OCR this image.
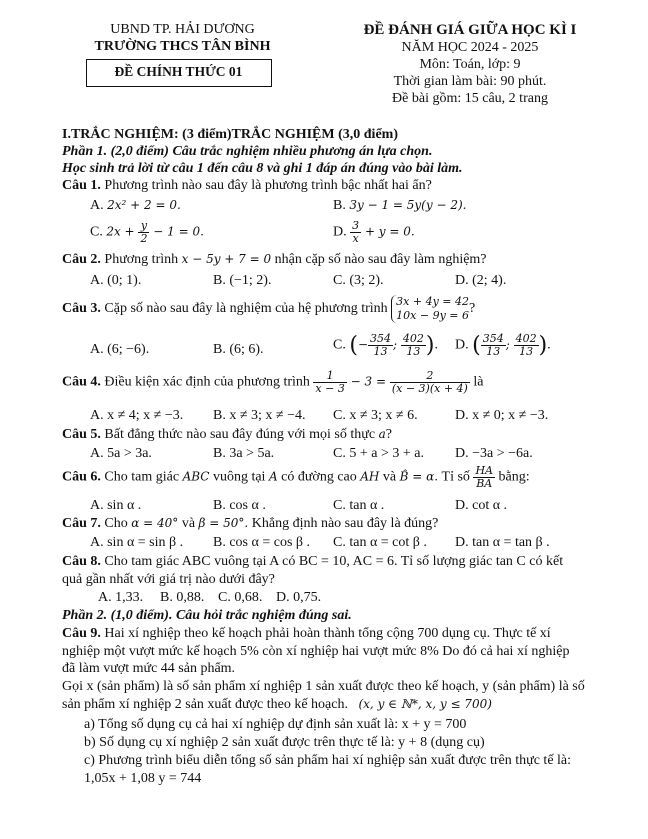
UBND TP. HẢI DƯƠNG
TRƯỜNG THCS TÂN BÌNH
ĐỀ CHÍNH THỨC 01
ĐỀ ĐÁNH GIÁ GIỮA HỌC KÌ I
NĂM HỌC 2024 - 2025
Môn: Toán, lớp: 9
Thời gian làm bài: 90 phút.
Đề bài gồm: 15 câu, 2 trang
I.TRẮC NGHIỆM: (3 điểm)TRẮC NGHIỆM (3,0 điểm)
Phần 1. (2,0 điểm) Câu trắc nghiệm nhiều phương án lựa chọn.
Học sinh trả lời từ câu 1 đến câu 8 và ghi 1 đáp án đúng vào bài làm.
Câu 1. Phương trình nào sau đây là phương trình bậc nhất hai ẩn?
A. 2x² + 2 = 0.	B. 3y − 1 = 5y(y − 2).
C. $2x + \frac{y}{2} - 1 = 0$.	D. $\frac{3}{x} + y = 0$.
Câu 2. Phương trình x − 5y + 7 = 0 nhận cặp số nào sau đây làm nghiệm?
A. (0; 1).	B. (−1; 2).	C. (3; 2).	D. (2; 4).
Câu 3. Cặp số nào sau đây là nghiệm của hệ phương trình 3x + 4y = 42
10x − 9y = 6?
A. (6; −6).	B. (6; 6).	C. (− $\frac{354}{13}$ ; $\frac{402}{13}$ ). D. ( $\frac{354}{13}$ ; $\frac{402}{13}$ ).
Câu 4. Điều kiện xác định của phương trình $\frac{1}{x - 3} - 3 = \frac{2}{(x - 3)(x + 4)}$ là
A. x ≠ 4; x ≠ −3. B. x ≠ 3; x ≠ −4. C. x ≠ 3; x ≠ 6.	D. x ≠ 0; x ≠ −3.
Câu 5. Bất đẳng thức nào sau đây đúng với mọi số thực a?
A. 5a > 3a.	B. 3a > 5a.	C. 5 + a > 3 + a. D. −3a > −6a.
Câu 6. Cho tam giác ABC vuông tại A có đường cao AH và B̂ = α. Tỉ số $\frac{HA}{BA}$ bằng:
A. sin α .	B. cos α .	C. tan α .	D. cot α .
Câu 7. Cho α = 40° và β = 50°. Khẳng định nào sau đây là đúng?
A. sin α = sin β . B. cos α = cos β . C. tan α = cot β . D. tan α = tan β .
Câu 8. Cho tam giác ABC vuông tại A có BC = 10, AC = 6. Tỉ số lượng giác tan C có kết
quả gần nhất với giá trị nào dưới đây?
A. 1,33. B. 0,88. C. 0,68. D. 0,75.
Phần 2. (1,0 điểm). Câu hỏi trắc nghiệm đúng sai.
Câu 9. Hai xí nghiệp theo kế hoạch phải hoàn thành tổng cộng 700 dụng cụ. Thực tế xí
nghiệp một vượt mức kế hoạch 5% còn xí nghiệp hai vượt mức 8% Do đó cả hai xí nghiệp
đã làm vượt mức 44 sản phẩm.
Gọi x (sản phẩm) là số sản phẩm xí nghiệp 1 sản xuất được theo kế hoạch, y (sản phẩm) là số
sản phẩm xí nghiệp 2 sản xuất được theo kế hoạch. (x, y ∈ ℕ*, x, y ≤ 700)
a) Tổng số dụng cụ cả hai xí nghiệp dự định sản xuất là: x + y = 700
b) Số dụng cụ xí nghiệp 2 sản xuất được trên thực tế là: y + 8 (dụng cụ)
c) Phương trình biểu diễn tổng số sản phẩm hai xí nghiệp sản xuất được trên thực tế là:
1,05x + 1,08 y = 744
